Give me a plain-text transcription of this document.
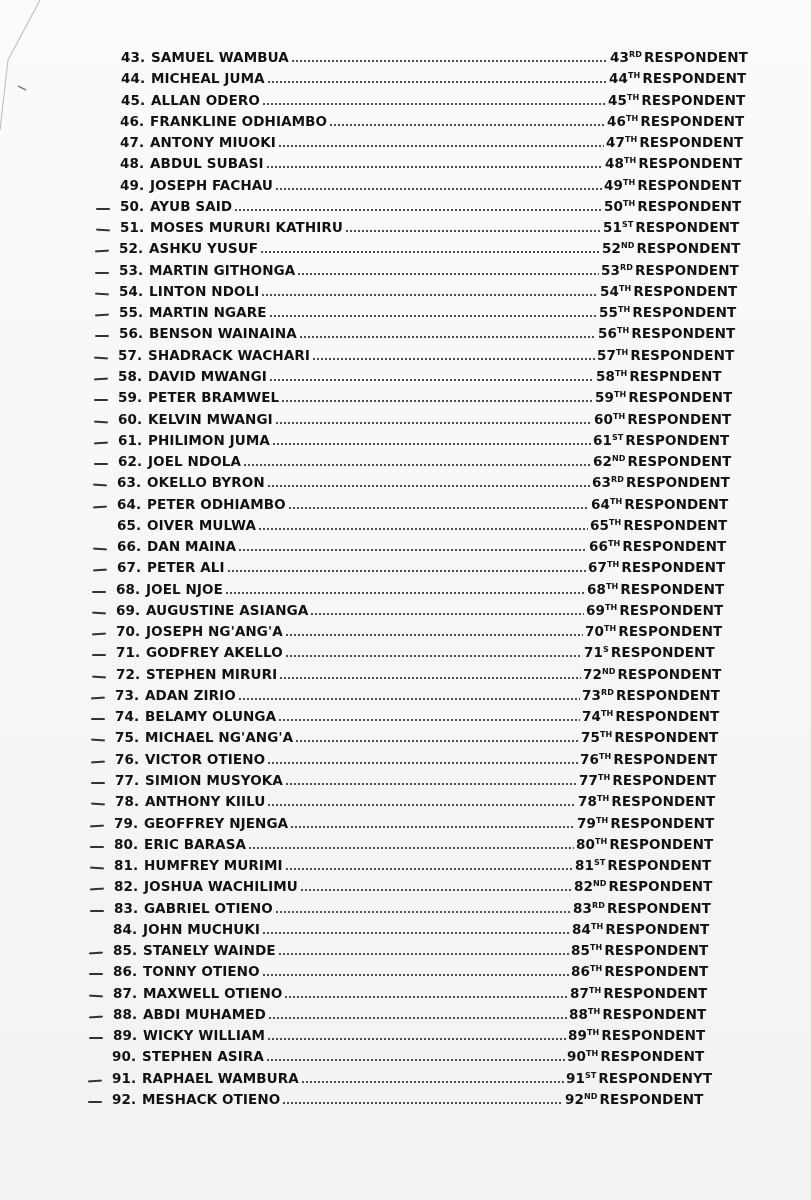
43. SAMUEL WAMBUA	43RD RESPONDENT
44. MICHEAL JUMA	44TH RESPONDENT
45. ALLAN ODERO	45TH RESPONDENT
46. FRANKLINE ODHIAMBO	46TH RESPONDENT
47. ANTONY MIUOKI	47TH RESPONDENT
48. ABDUL SUBASI	48TH RESPONDENT
49. JOSEPH FACHAU	49TH RESPONDENT
50. AYUB SAID	50TH RESPONDENT
51. MOSES MURURI KATHIRU	51ST RESPONDENT
52. ASHKU YUSUF	52ND RESPONDENT
53. MARTIN GITHONGA	53RD RESPONDENT
54. LINTON NDOLI	54TH RESPONDENT
55. MARTIN NGARE	55TH RESPONDENT
56. BENSON WAINAINA	56TH RESPONDENT
57. SHADRACK WACHARI	57TH RESPONDENT
58. DAVID MWANGI	58TH RESPNDENT
59. PETER BRAMWEL	59TH RESPONDENT
60. KELVIN MWANGI	60TH RESPONDENT
61. PHILIMON JUMA	61ST RESPONDENT
62. JOEL NDOLA	62ND RESPONDENT
63. OKELLO BYRON	63RD RESPONDENT
64. PETER ODHIAMBO	64TH RESPONDENT
65. OIVER MULWA	65TH RESPONDENT
66. DAN MAINA	66TH RESPONDENT
67. PETER ALI	67TH RESPONDENT
68. JOEL NJOE	68TH RESPONDENT
69. AUGUSTINE ASIANGA	69TH RESPONDENT
70. JOSEPH NG'ANG'A	70TH RESPONDENT
71. GODFREY AKELLO	$71^S$ RESPONDENT
72. STEPHEN MIRURI	72ND RESPONDENT
73. ADAN ZIRIO	73RD RESPONDENT
74. BELAMY OLUNGA	74TH RESPONDENT
75. MICHAEL NG'ANG'A	75TH RESPONDENT
76. VICTOR OTIENO	76TH RESPONDENT
77. SIMION MUSYOKA	77TH RESPONDENT
78. ANTHONY KIILU	78TH RESPONDENT
79. GEOFFREY NJENGA	79TH RESPONDENT
80. ERIC BARASA	80TH RESPONDENT
81. HUMFREY MURIMI	81ST RESPONDENT
82. JOSHUA WACHILIMU	82ND RESPONDENT
83. GABRIEL OTIENO	83RD RESPONDENT
84. JOHN MUCHUKI	84TH RESPONDENT
85. STANELY WAINDE	85TH RESPONDENT
86. TONNY OTIENO	86TH RESPONDENT
87. MAXWELL OTIENO	87TH RESPONDENT
88. ABDI MUHAMED	88TH RESPONDENT
89. WICKY WILLIAM	89TH RESPONDENT
90. STEPHEN ASIRA	90TH RESPONDENT
91. RAPHAEL WAMBURA	91ST RESPONDENYT
92. MESHACK OTIENO	92ND RESPONDENT
